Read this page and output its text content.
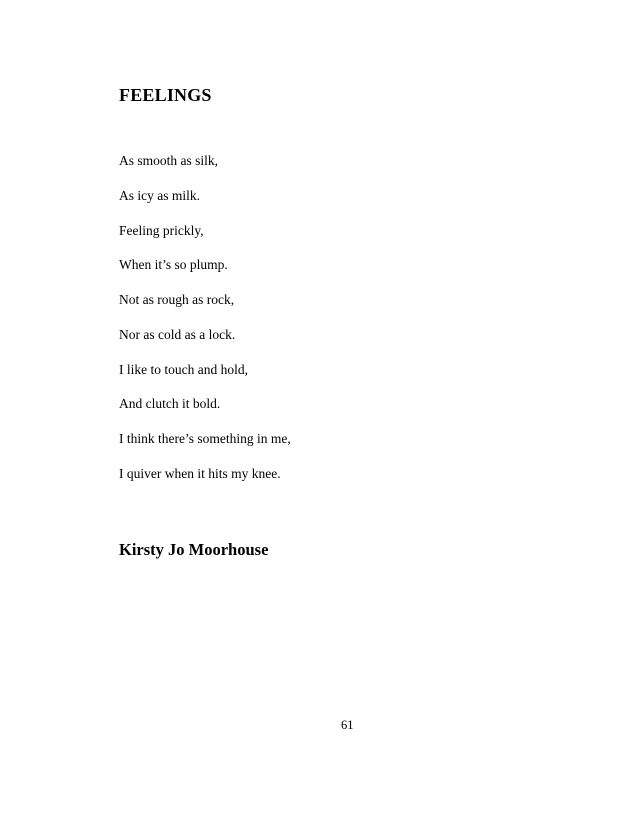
FEELINGS
As smooth as silk,
As icy as milk.
Feeling prickly,
When it’s so plump.
Not as rough as rock,
Nor as cold as a lock.
I like to touch and hold,
And clutch it bold.
I think there’s something in me,
I quiver when it hits my knee.

Kirsty Jo Moorhouse

61
